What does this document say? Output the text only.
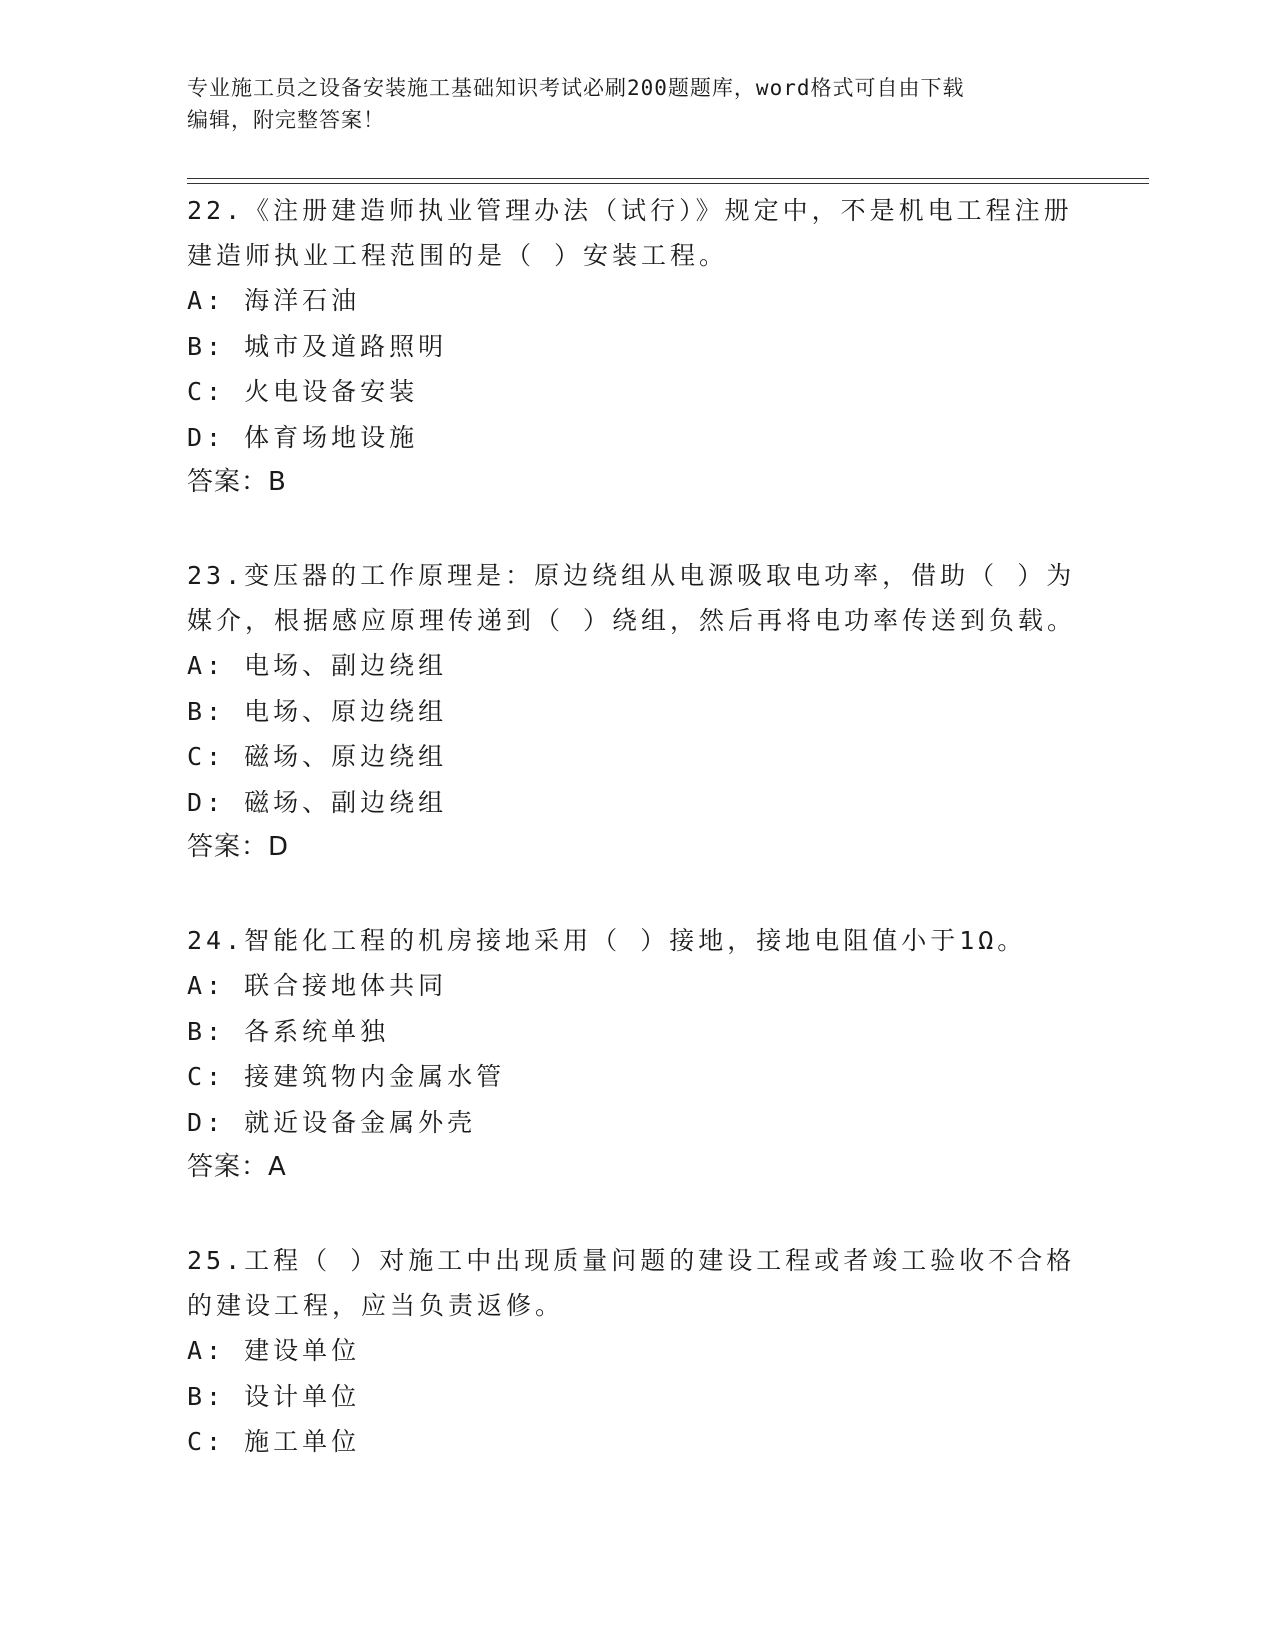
专业施工员之设备安装施工基础知识考试必刷200题题库，word格式可自由下载
编辑，附完整答案！
22.《注册建造师执业管理办法（试行）》规定中，不是机电工程注册
建造师执业工程范围的是（ ）安装工程。
A: 海洋石油
B: 城市及道路照明
C: 火电设备安装
D: 体育场地设施
答案：B
23.变压器的工作原理是：原边绕组从电源吸取电功率，借助（ ）为
媒介，根据感应原理传递到（ ）绕组，然后再将电功率传送到负载。
A: 电场、副边绕组
B: 电场、原边绕组
C: 磁场、原边绕组
D: 磁场、副边绕组
答案：D
24.智能化工程的机房接地采用（ ）接地，接地电阻值小于1Ω。
A: 联合接地体共同
B: 各系统单独
C: 接建筑物内金属水管
D: 就近设备金属外壳
答案：A
25.工程（ ）对施工中出现质量问题的建设工程或者竣工验收不合格
的建设工程，应当负责返修。
A: 建设单位
B: 设计单位
C: 施工单位
